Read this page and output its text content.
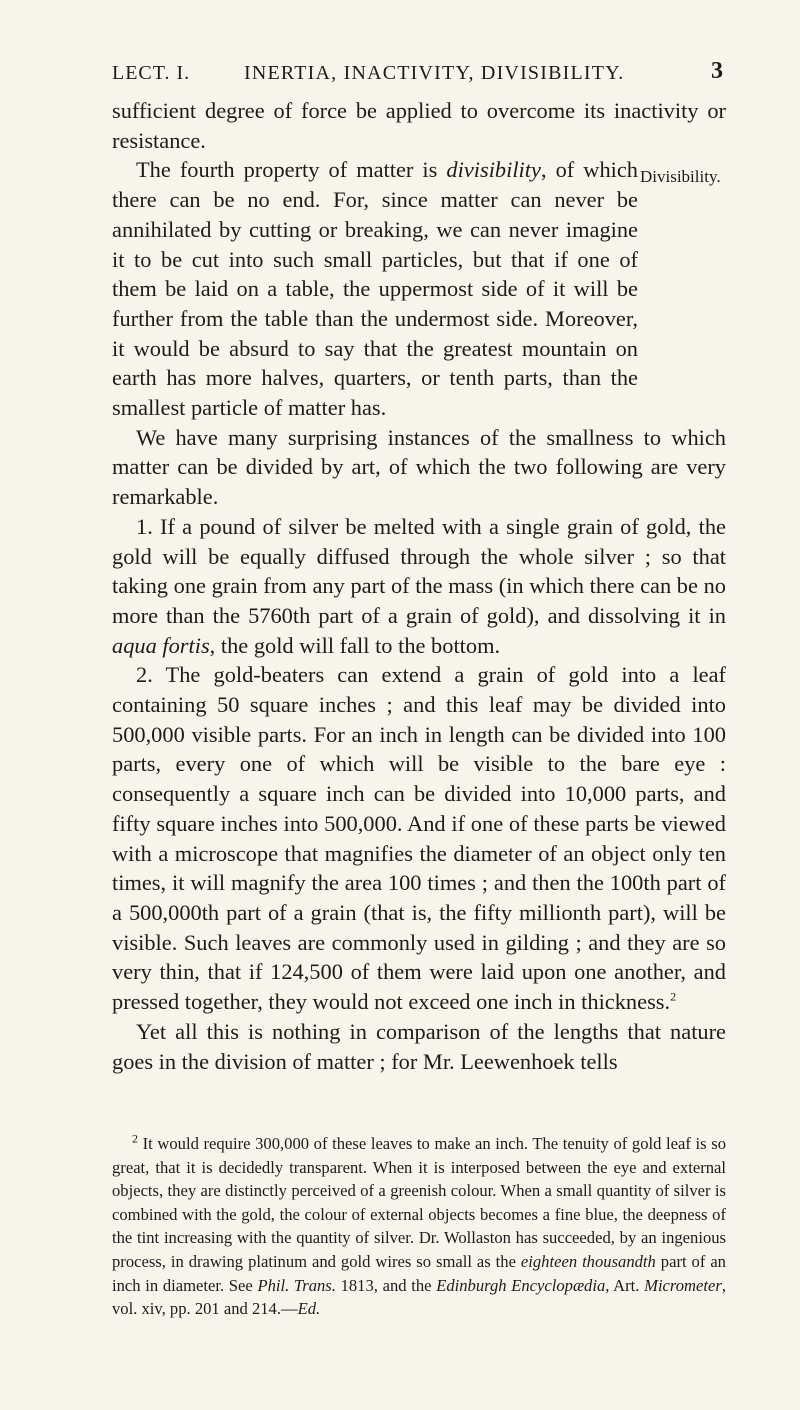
LECT. I.	INERTIA, INACTIVITY, DIVISIBILITY.	3
Divisibility.

sufficient degree of force be applied to overcome its inactivity or resistance.

The fourth property of matter is divisibility, of which there can be no end. For, since matter can never be annihilated by cutting or breaking, we can never imagine it to be cut into such small particles, but that if one of them be laid on a table, the uppermost side of it will be further from the table than the undermost side. Moreover, it would be absurd to say that the greatest mountain on earth has more halves, quarters, or tenth parts, than the smallest particle of matter has.

We have many surprising instances of the smallness to which matter can be divided by art, of which the two following are very remarkable.

1. If a pound of silver be melted with a single grain of gold, the gold will be equally diffused through the whole silver ; so that taking one grain from any part of the mass (in which there can be no more than the 5760th part of a grain of gold), and dissolving it in aqua fortis, the gold will fall to the bottom.

2. The gold-beaters can extend a grain of gold into a leaf containing 50 square inches ; and this leaf may be divided into 500,000 visible parts. For an inch in length can be divided into 100 parts, every one of which will be visible to the bare eye : consequently a square inch can be divided into 10,000 parts, and fifty square inches into 500,000. And if one of these parts be viewed with a microscope that magnifies the diameter of an object only ten times, it will magnify the area 100 times ; and then the 100th part of a 500,000th part of a grain (that is, the fifty millionth part), will be visible. Such leaves are commonly used in gilding ; and they are so very thin, that if 124,500 of them were laid upon one another, and pressed together, they would not exceed one inch in thickness.$^2$

Yet all this is nothing in comparison of the lengths that nature goes in the division of matter ; for Mr. Leewenhoek tells

$^2$ It would require 300,000 of these leaves to make an inch. The tenuity of gold leaf is so great, that it is decidedly transparent. When it is interposed between the eye and external objects, they are distinctly perceived of a greenish colour. When a small quantity of silver is combined with the gold, the colour of external objects becomes a fine blue, the deepness of the tint increasing with the quantity of silver. Dr. Wollaston has succeeded, by an ingenious process, in drawing platinum and gold wires so small as the eighteen thousandth part of an inch in diameter. See Phil. Trans. 1813, and the Edinburgh Encyclopædia, Art. Micrometer, vol. xiv, pp. 201 and 214.—Ed.
